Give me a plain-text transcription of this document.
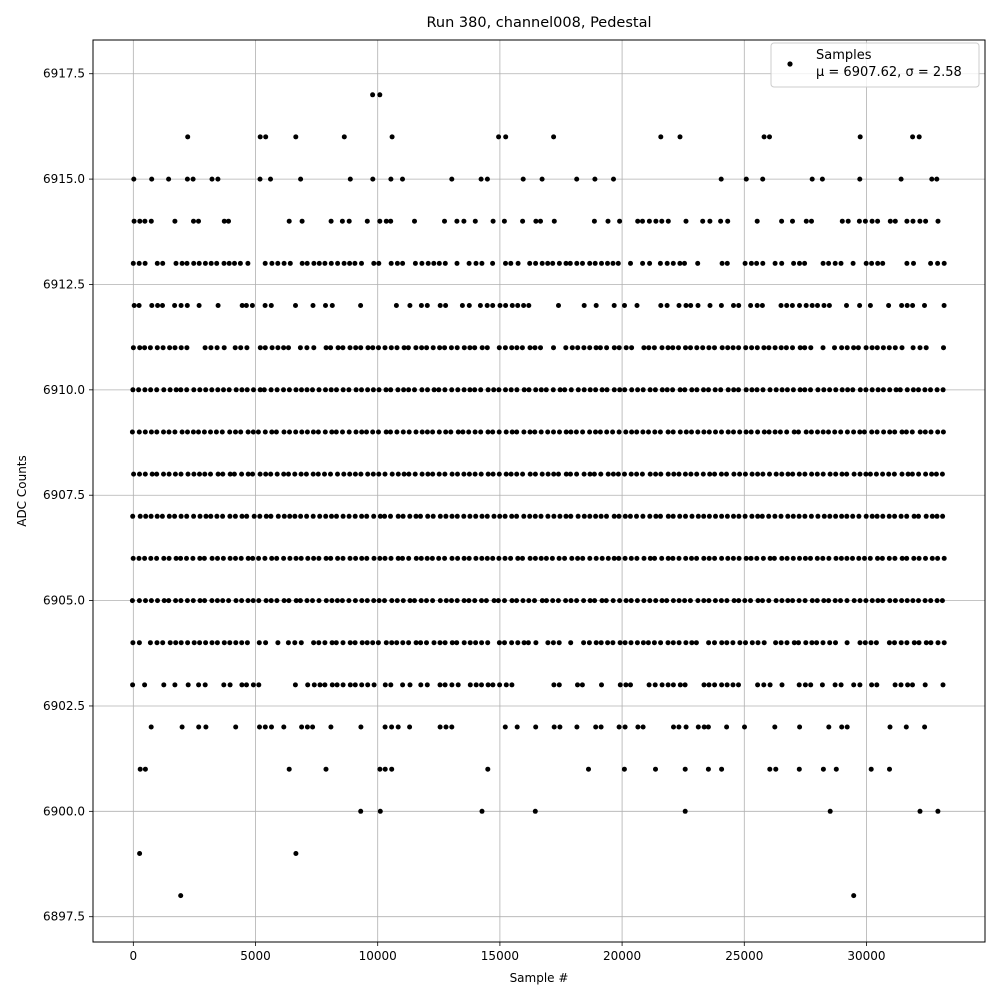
0	5000	10000	15000	20000	25000	30000
6897.5
6900.0
6902.5
6905.0
6907.5
6910.0
6912.5
6915.0
6917.5
Run 380, channel008, Pedestal
Sample #
ADC Counts
Samples
μ = 6907.62, σ = 2.58
